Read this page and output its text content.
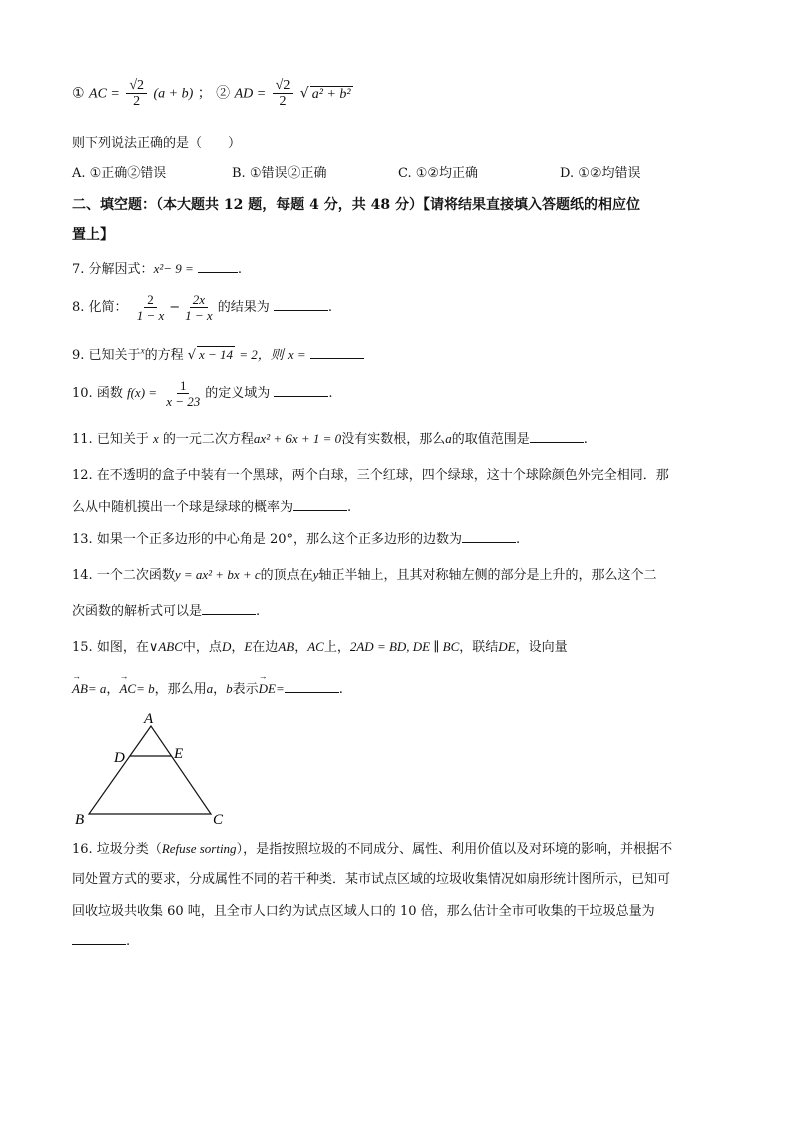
① AC = $\frac{√2}{2} (a + b)$ ； ② AD = $\frac{√2}{2}$ √ a² + b²
则下列说法正确的是（　　）
A. ①正确②错误	B. ①错误②正确	C. ①②均正确	D. ①②均错误
二、填空题：（本大题共 12 题，每题 4 分，共 48 分）【请将结果直接填入答题纸的相应位
置上】
7. 分解因式：x²− 9 =	.
8. 化简： $\frac{2}{1 - x} - \frac{2x}{1 - x}$ 的结果为	.
9. 已知关于$^x$的方程 √ x − 14 = 2，则 x =
10. 函数 $f(x) = \frac{1}{x - 23}$ 的定义域为	.
11. 已知关于 x 的一元二次方程ax² + 6x + 1 = 0没有实数根，那么a的取值范围是	.
12. 在不透明的盒子中装有一个黑球，两个白球，三个红球，四个绿球，这十个球除颜色外完全相同．那
么从中随机摸出一个球是绿球的概率为	.
13. 如果一个正多边形的中心角是 20°，那么这个正多边形的边数为	.
14. 一个二次函数y = ax² + bx + c的顶点在y轴正半轴上，且其对称轴左侧的部分是上升的，那么这个二
次函数的解析式可以是	.
15. 如图，在∨ABC中，点D，E在边AB，AC上，2AD = BD, DE ∥ BC，联结DE，设向量
→ AB= a，→ AC= b，那么用a，b表示→ DE=	.
A
D	E
B	C
16. 垃圾分类（Refuse sorting），是指按照垃圾的不同成分、属性、利用价值以及对环境的影响，并根据不
同处置方式的要求，分成属性不同的若干种类．某市试点区域的垃圾收集情况如扇形统计图所示，已知可
回收垃圾共收集 60 吨，且全市人口约为试点区域人口的 10 倍，那么估计全市可收集的干垃圾总量为
.
